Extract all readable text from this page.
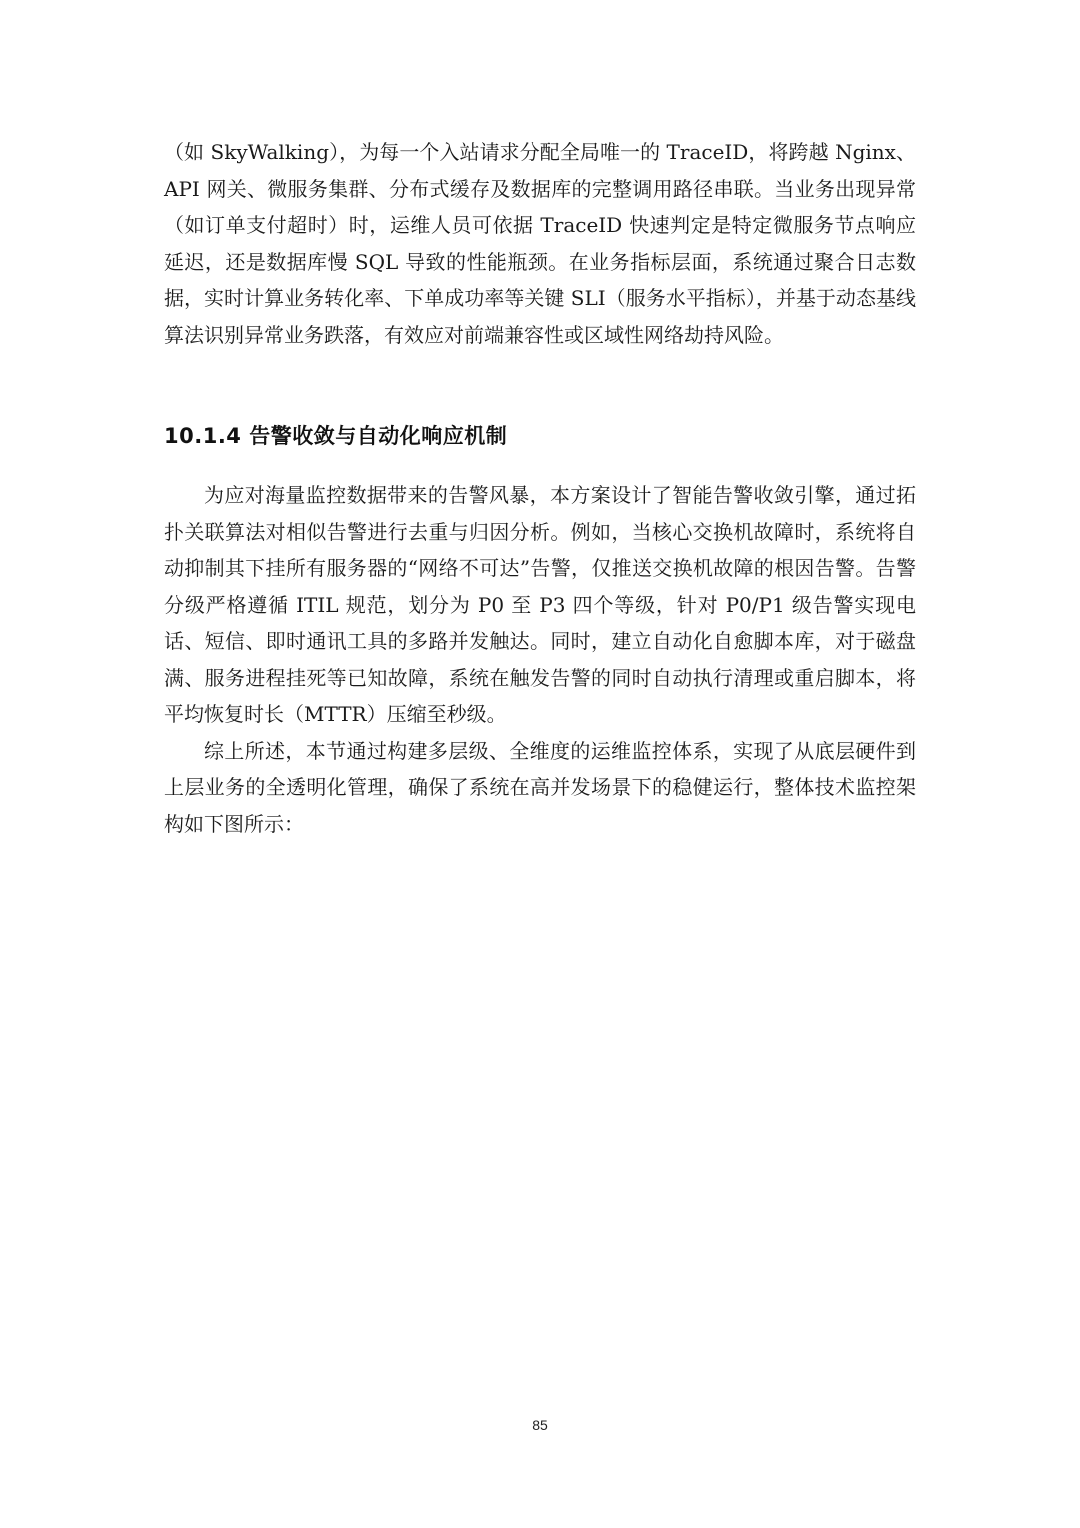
（如 SkyWalking），为每一个入站请求分配全局唯一的 TraceID，将跨越 Nginx、API 网关、微服务集群、分布式缓存及数据库的完整调用路径串联。当业务出现异常（如订单支付超时）时，运维人员可依据 TraceID 快速判定是特定微服务节点响应延迟，还是数据库慢 SQL 导致的性能瓶颈。在业务指标层面，系统通过聚合日志数据，实时计算业务转化率、下单成功率等关键 SLI（服务水平指标），并基于动态基线算法识别异常业务跌落，有效应对前端兼容性或区域性网络劫持风险。

10.1.4 告警收敛与自动化响应机制

为应对海量监控数据带来的告警风暴，本方案设计了智能告警收敛引擎，通过拓扑关联算法对相似告警进行去重与归因分析。例如，当核心交换机故障时，系统将自动抑制其下挂所有服务器的“网络不可达”告警，仅推送交换机故障的根因告警。告警分级严格遵循 ITIL 规范，划分为 P0 至 P3 四个等级，针对 P0/P1 级告警实现电话、短信、即时通讯工具的多路并发触达。同时，建立自动化自愈脚本库，对于磁盘满、服务进程挂死等已知故障，系统在触发告警的同时自动执行清理或重启脚本，将平均恢复时长（MTTR）压缩至秒级。

综上所述，本节通过构建多层级、全维度的运维监控体系，实现了从底层硬件到上层业务的全透明化管理，确保了系统在高并发场景下的稳健运行，整体技术监控架构如下图所示：

85
